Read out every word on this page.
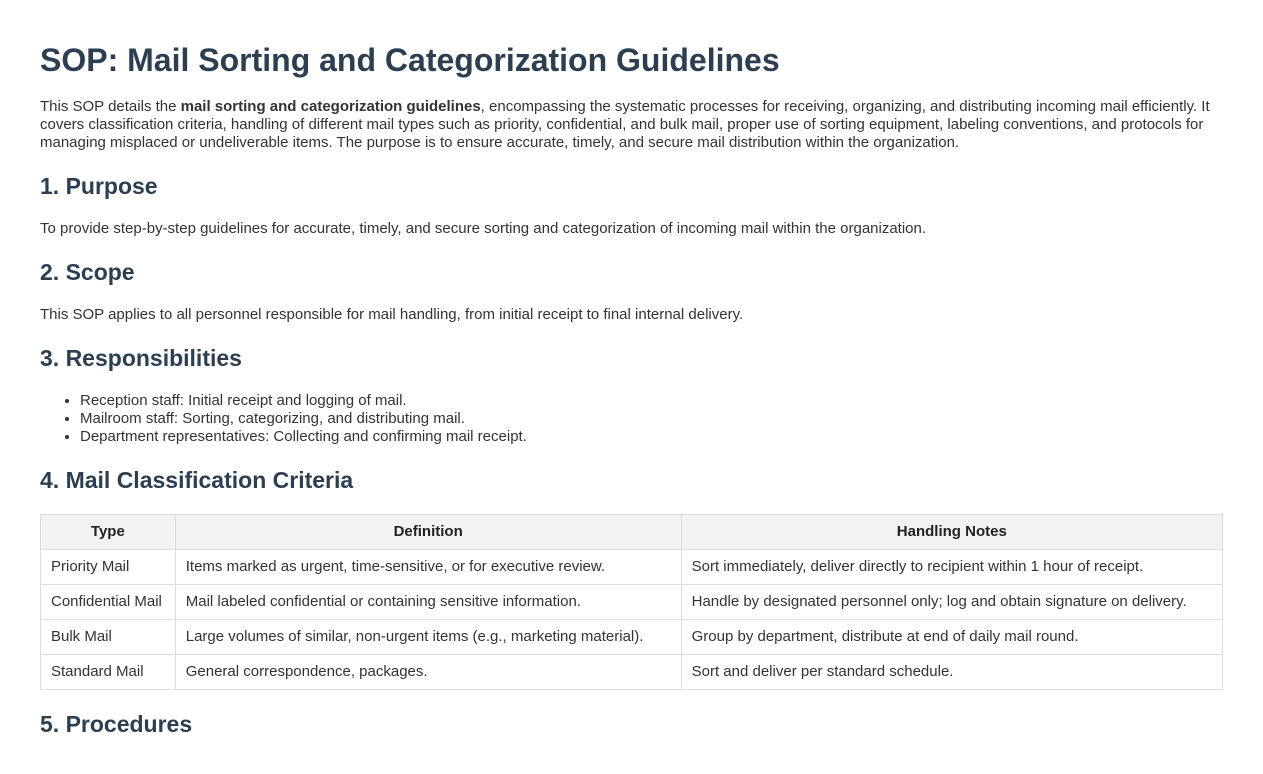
SOP: Mail Sorting and Categorization Guidelines

This SOP details the mail sorting and categorization guidelines, encompassing the systematic processes for receiving, organizing, and distributing incoming mail efficiently. It covers classification criteria, handling of different mail types such as priority, confidential, and bulk mail, proper use of sorting equipment, labeling conventions, and protocols for managing misplaced or undeliverable items. The purpose is to ensure accurate, timely, and secure mail distribution within the organization.

1. Purpose

To provide step-by-step guidelines for accurate, timely, and secure sorting and categorization of incoming mail within the organization.

2. Scope

This SOP applies to all personnel responsible for mail handling, from initial receipt to final internal delivery.

3. Responsibilities
• Reception staff: Initial receipt and logging of mail.
• Mailroom staff: Sorting, categorizing, and distributing mail.
• Department representatives: Collecting and confirming mail receipt.
4. Mail Classification Criteria
Type	Definition	Handling Notes
Priority Mail	Items marked as urgent, time-sensitive, or for executive review.	Sort immediately, deliver directly to recipient within 1 hour of receipt.
Confidential Mail	Mail labeled confidential or containing sensitive information.	Handle by designated personnel only; log and obtain signature on delivery.
Bulk Mail	Large volumes of similar, non-urgent items (e.g., marketing material).	Group by department, distribute at end of daily mail round.
Standard Mail	General correspondence, packages.	Sort and deliver per standard schedule.
5. Procedures
